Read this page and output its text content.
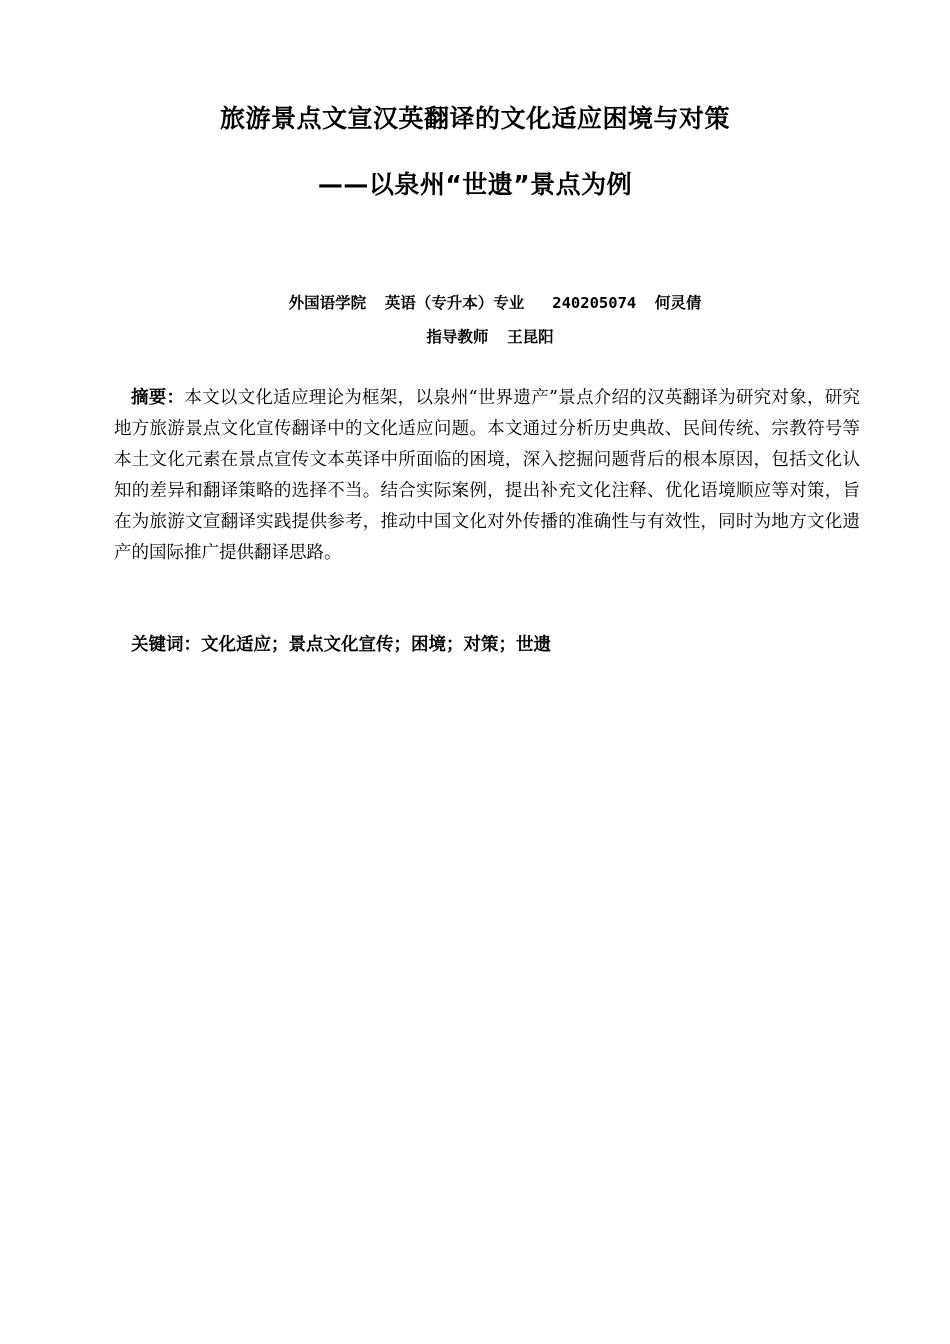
旅游景点文宣汉英翻译的文化适应困境与对策
——以泉州“世遗”景点为例
外国语学院  英语（专升本）专业   240205074  何灵倩
指导教师  王昆阳
摘要：本文以文化适应理论为框架，以泉州“世界遗产”景点介绍的汉英翻译为研究对象，研究地方旅游景点文化宣传翻译中的文化适应问题。本文通过分析历史典故、民间传统、宗教符号等本土文化元素在景点宣传文本英译中所面临的困境，深入挖掘问题背后的根本原因，包括文化认知的差异和翻译策略的选择不当。结合实际案例，提出补充文化注释、优化语境顺应等对策，旨在为旅游文宣翻译实践提供参考，推动中国文化对外传播的准确性与有效性，同时为地方文化遗产的国际推广提供翻译思路。
关键词：文化适应；景点文化宣传；困境；对策；世遗
